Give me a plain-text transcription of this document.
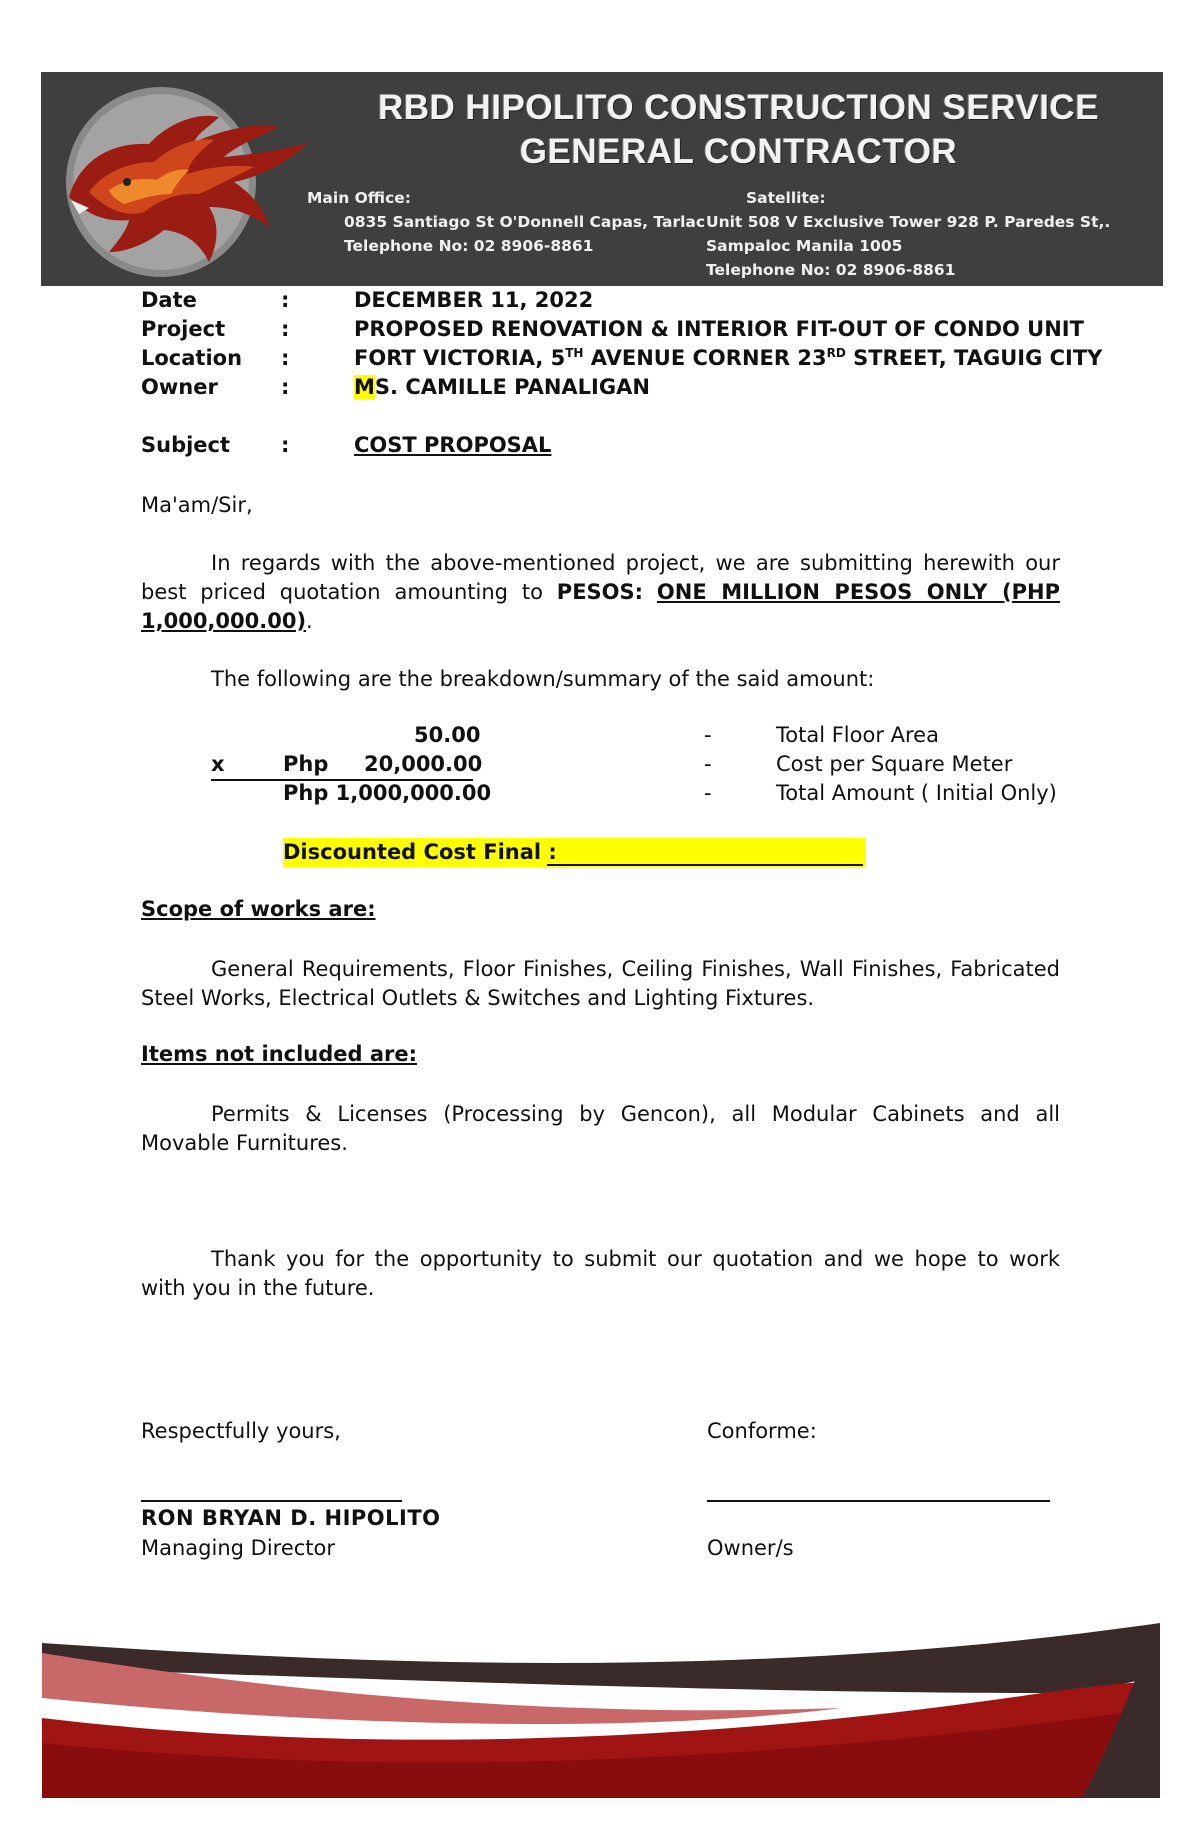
RBD HIPOLITO CONSTRUCTION SERVICE
GENERAL CONTRACTOR
Main Office:
0835 Santiago St O'Donnell Capas, Tarlac
Telephone No: 02 8906-8861
Satellite:
Unit 508 V Exclusive Tower 928 P. Paredes St,.
Sampaloc Manila 1005
Telephone No: 02 8906-8861
Date	:	DECEMBER 11, 2022
Project	:	PROPOSED RENOVATION & INTERIOR FIT-OUT OF CONDO UNIT
Location :	FORT VICTORIA, 5TH AVENUE CORNER 23RD STREET, TAGUIG CITY
Owner	:	MS. CAMILLE PANALIGAN
Subject :	COST PROPOSAL
Ma'am/Sir,
In regards with the above-mentioned project, we are submitting herewith our best priced quotation amounting to PESOS: ONE MILLION PESOS ONLY (PHP 1,000,000.00).
The following are the breakdown/summary of the said amount:
50.00	-	Total Floor Area
x	Php 20,000.00	-	Cost per Square Meter
Php 1,000,000.00	-	Total Amount ( Initial Only)
Discounted Cost Final :
Scope of works are:
General Requirements, Floor Finishes, Ceiling Finishes, Wall Finishes, Fabricated Steel Works, Electrical Outlets & Switches and Lighting Fixtures.
Items not included are:
Permits & Licenses (Processing by Gencon), all Modular Cabinets and all Movable Furnitures.
Thank you for the opportunity to submit our quotation and we hope to work with you in the future.
Respectfully yours,
RON BRYAN D. HIPOLITO
Managing Director
Conforme:
Owner/s
